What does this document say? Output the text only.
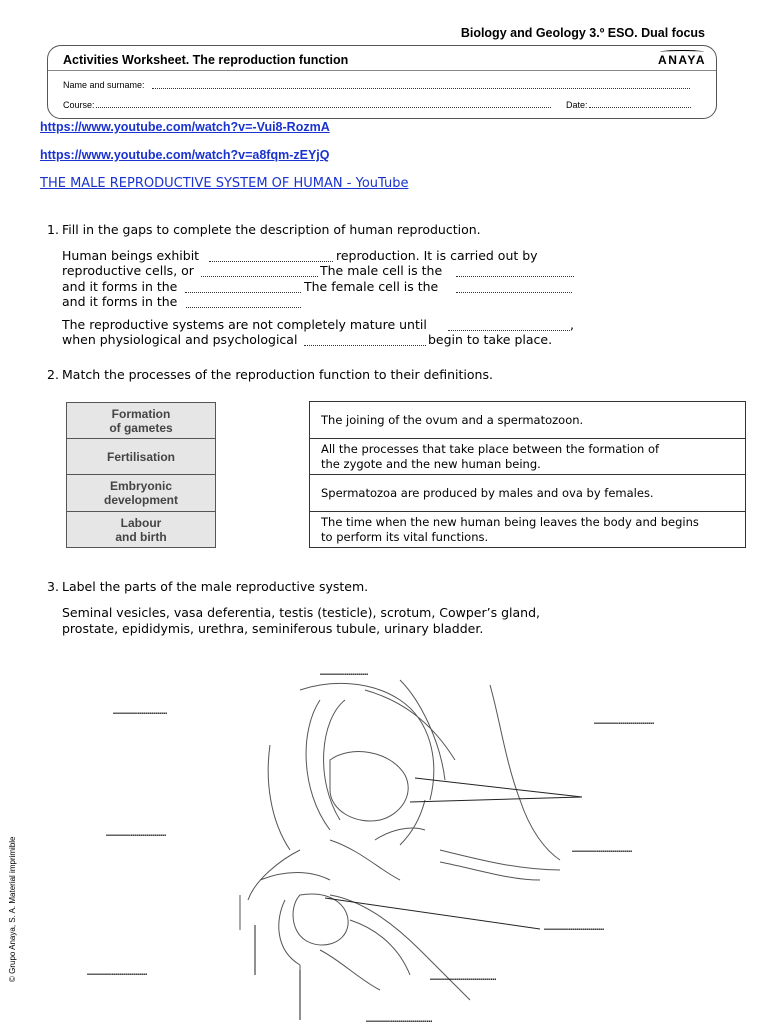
Biology and Geology 3.º ESO. Dual focus
Activities Worksheet. The reproduction function	ANAYA
Name and surname:
Course:	Date:
https://www.youtube.com/watch?v=-Vui8-RozmA
https://www.youtube.com/watch?v=a8fqm-zEYjQ
THE MALE REPRODUCTIVE SYSTEM OF HUMAN - YouTube
1. Fill in the gaps to complete the description of human reproduction.
Human beings exhibit	reproduction. It is carried out by
reproductive cells, or	The male cell is the
and it forms in the	The female cell is the
and it forms in the
The reproductive systems are not completely mature until	,
when physiological and psychological	begin to take place.
2. Match the processes of the reproduction function to their definitions.
Formation
of gametes
Fertilisation
Embryonic
development
Labour
and birth
The joining of the ovum and a spermatozoon.
All the processes that take place between the formation of
the zygote and the new human being.
Spermatozoa are produced by males and ova by females.
The time when the new human being leaves the body and begins
to perform its vital functions.
3. Label the parts of the male reproductive system.
Seminal vesicles, vasa deferentia, testis (testicle), scrotum, Cowper’s gland,
prostate, epididymis, urethra, seminiferous tubule, urinary bladder.
……………………
………………………
…………………………
…………………………
…………………………
…………………………
…………………………	……………………………
……………………………
© Grupo Anaya, S. A. Material imprimible
